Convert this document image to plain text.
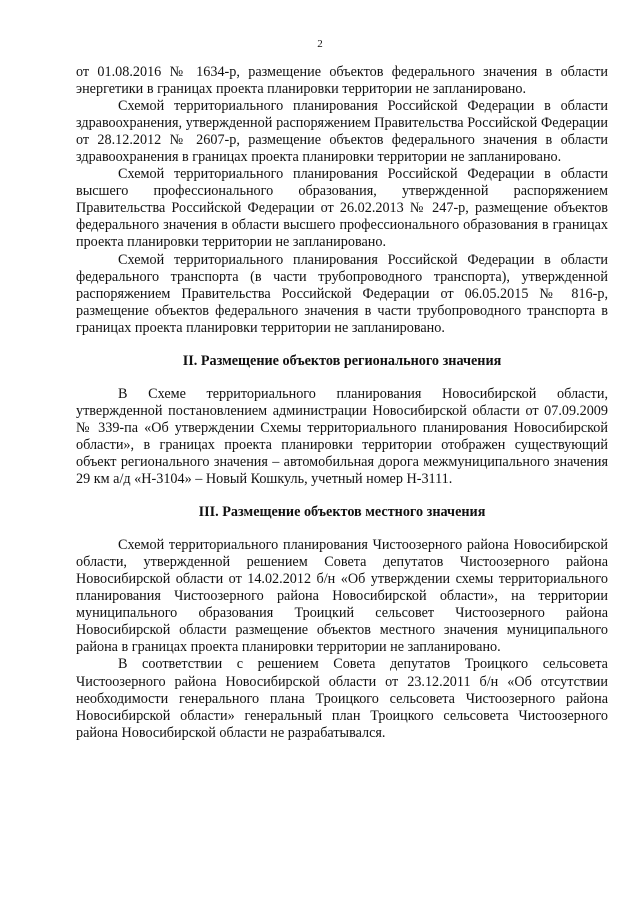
2

от 01.08.2016 № 1634-р, размещение объектов федерального значения в области энергетики в границах проекта планировки территории не запланировано.

Схемой территориального планирования Российской Федерации в области здравоохранения, утвержденной распоряжением Правительства Российской Федерации от 28.12.2012 № 2607-р, размещение объектов федерального значения в области здравоохранения в границах проекта планировки территории не запланировано.

Схемой территориального планирования Российской Федерации в области высшего профессионального образования, утвержденной распоряжением Правительства Российской Федерации от 26.02.2013 № 247-р, размещение объектов федерального значения в области высшего профессионального образования в границах проекта планировки территории не запланировано.

Схемой территориального планирования Российской Федерации в области федерального транспорта (в части трубопроводного транспорта), утвержденной распоряжением Правительства Российской Федерации от 06.05.2015 № 816-р, размещение объектов федерального значения в части трубопроводного транспорта в границах проекта планировки территории не запланировано.

II. Размещение объектов регионального значения

В Схеме территориального планирования Новосибирской области, утвержденной постановлением администрации Новосибирской области от 07.09.2009 № 339-па «Об утверждении Схемы территориального планирования Новосибирской области», в границах проекта планировки территории отображен существующий объект регионального значения – автомобильная дорога межмуниципального значения 29 км а/д «Н-3104» – Новый Кошкуль, учетный номер Н-3111.

III. Размещение объектов местного значения

Схемой территориального планирования Чистоозерного района Новосибирской области, утвержденной решением Совета депутатов Чистоозерного района Новосибирской области от 14.02.2012 б/н «Об утверждении схемы территориального планирования Чистоозерного района Новосибирской области», на территории муниципального образования Троицкий сельсовет Чистоозерного района Новосибирской области размещение объектов местного значения муниципального района в границах проекта планировки территории не запланировано.

В соответствии с решением Совета депутатов Троицкого сельсовета Чистоозерного района Новосибирской области от 23.12.2011 б/н «Об отсутствии необходимости генерального плана Троицкого сельсовета Чистоозерного района Новосибирской области» генеральный план Троицкого сельсовета Чистоозерного района Новосибирской области не разрабатывался.
